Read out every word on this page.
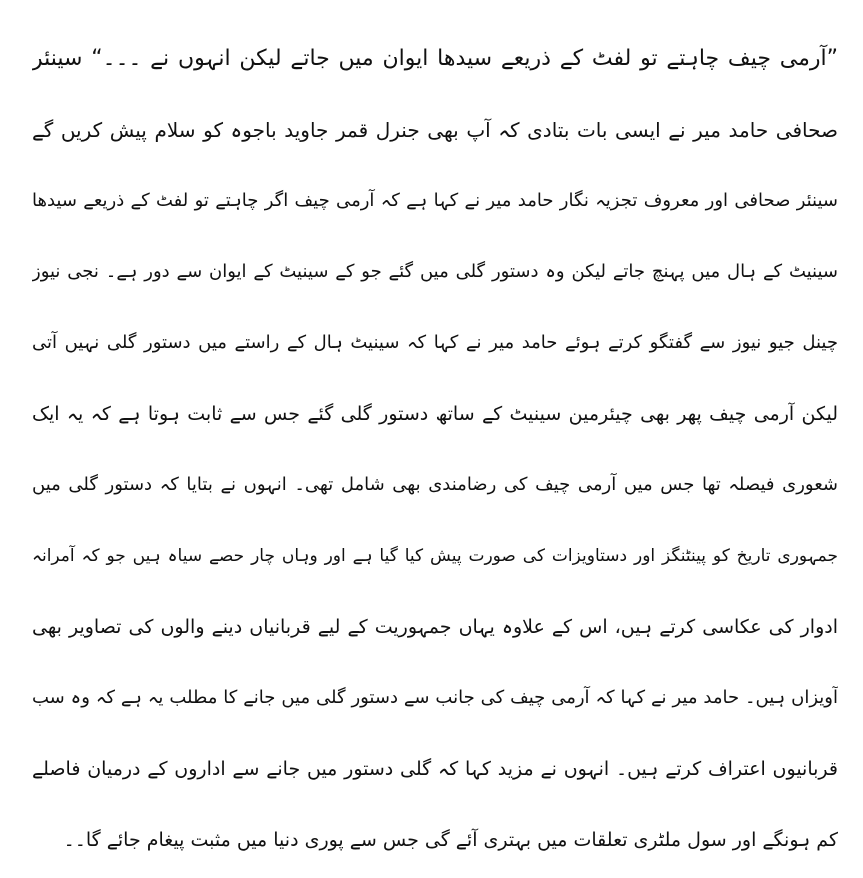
”آرمی چیف چاہتے تو لفٹ کے ذریعے سیدھا ایوان میں جاتے لیکن انہوں نے ۔۔۔“ سینئر
صحافی حامد میر نے ایسی بات بتادی کہ آپ بھی جنرل قمر جاوید باجوہ کو سلام پیش کریں گے
سینئر صحافی اور معروف تجزیہ نگار حامد میر نے کہا ہے کہ آرمی چیف اگر چاہتے تو لفٹ کے ذریعے سیدھا
سینیٹ کے ہال میں پہنچ جاتے لیکن وہ دستور گلی میں گئے جو کے سینیٹ کے ایوان سے دور ہے۔ نجی نیوز
چینل جیو نیوز سے گفتگو کرتے ہوئے حامد میر نے کہا کہ سینیٹ ہال کے راستے میں دستور گلی نہیں آتی
لیکن آرمی چیف پھر بھی چیئرمین سینیٹ کے ساتھ دستور گلی گئے جس سے ثابت ہوتا ہے کہ یہ ایک
شعوری فیصلہ تھا جس میں آرمی چیف کی رضامندی بھی شامل تھی۔ انہوں نے بتایا کہ دستور گلی میں
جمہوری تاریخ کو پینٹنگز اور دستاویزات کی صورت پیش کیا گیا ہے اور وہاں چار حصے سیاہ ہیں جو کہ آمرانہ
ادوار کی عکاسی کرتے ہیں، اس کے علاوہ یہاں جمہوریت کے لیے قربانیاں دینے والوں کی تصاویر بھی
آویزاں ہیں۔ حامد میر نے کہا کہ آرمی چیف کی جانب سے دستور گلی میں جانے کا مطلب یہ ہے کہ وہ سب
قربانیوں اعتراف کرتے ہیں۔ انہوں نے مزید کہا کہ گلی دستور میں جانے سے اداروں کے درمیان فاصلے
کم ہونگے اور سول ملٹری تعلقات میں بہتری آئے گی جس سے پوری دنیا میں مثبت پیغام جائے گا۔۔
